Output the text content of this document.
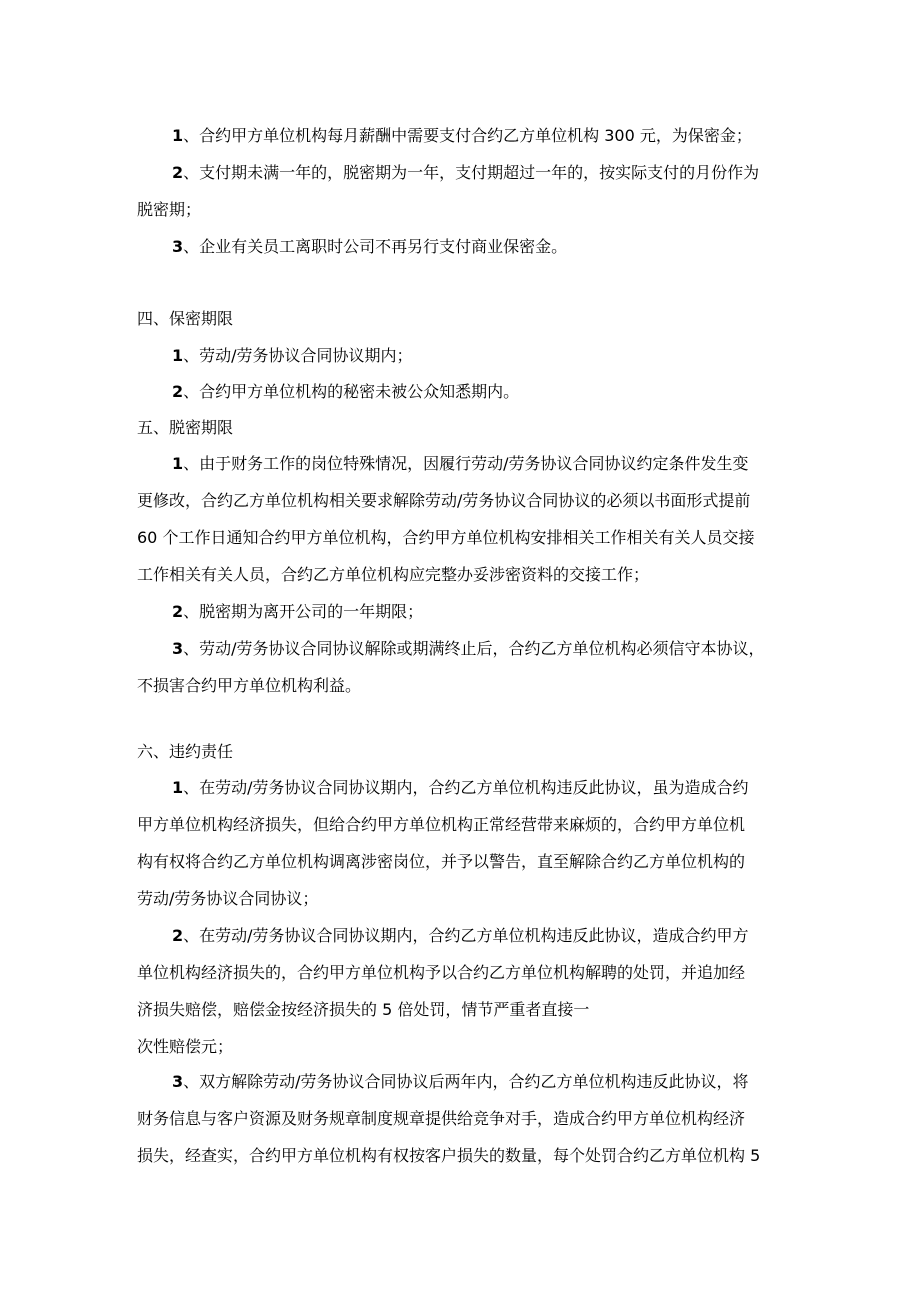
1、合约甲方单位机构每月薪酬中需要支付合约乙方单位机构 300 元，为保密金；
2、支付期未满一年的，脱密期为一年，支付期超过一年的，按实际支付的月份作为
脱密期；
3、企业有关员工离职时公司不再另行支付商业保密金。
四、保密期限
1、劳动/劳务协议合同协议期内；
2、合约甲方单位机构的秘密未被公众知悉期内。
五、脱密期限
1、由于财务工作的岗位特殊情况，因履行劳动/劳务协议合同协议约定条件发生变
更修改，合约乙方单位机构相关要求解除劳动/劳务协议合同协议的必须以书面形式提前
60 个工作日通知合约甲方单位机构，合约甲方单位机构安排相关工作相关有关人员交接
工作相关有关人员，合约乙方单位机构应完整办妥涉密资料的交接工作；
2、脱密期为离开公司的一年期限；
3、劳动/劳务协议合同协议解除或期满终止后，合约乙方单位机构必须信守本协议，
不损害合约甲方单位机构利益。
六、违约责任
1、在劳动/劳务协议合同协议期内，合约乙方单位机构违反此协议，虽为造成合约
甲方单位机构经济损失，但给合约甲方单位机构正常经营带来麻烦的，合约甲方单位机
构有权将合约乙方单位机构调离涉密岗位，并予以警告，直至解除合约乙方单位机构的
劳动/劳务协议合同协议；
2、在劳动/劳务协议合同协议期内，合约乙方单位机构违反此协议，造成合约甲方
单位机构经济损失的，合约甲方单位机构予以合约乙方单位机构解聘的处罚，并追加经
济损失赔偿，赔偿金按经济损失的 5 倍处罚，情节严重者直接一
次性赔偿元；
3、双方解除劳动/劳务协议合同协议后两年内，合约乙方单位机构违反此协议，将
财务信息与客户资源及财务规章制度规章提供给竞争对手，造成合约甲方单位机构经济
损失，经查实，合约甲方单位机构有权按客户损失的数量，每个处罚合约乙方单位机构 5
